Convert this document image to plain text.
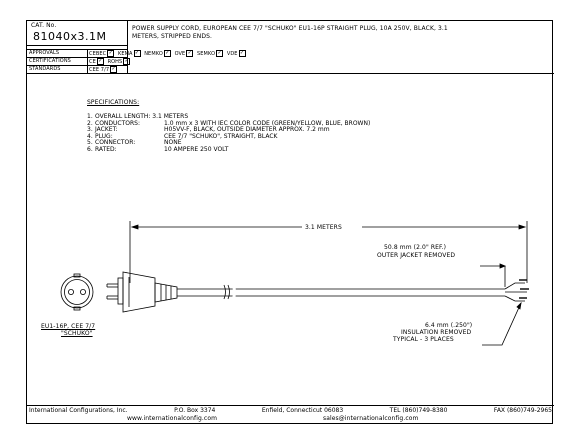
CAT. No.
81040x3.1M
POWER SUPPLY CORD, EUROPEAN CEE 7/7 "SCHUKO" EU1-16P STRAIGHT PLUG, 10A 250V, BLACK, 3.1
METERS, STRIPPED ENDS.
APPROVALS	CEBEC ✓ KEMA ✓ NEMKO ✓ OVE ✓ SEMKO ✓ VDE ✓
CERTIFICATIONS	CE ✓ ROHS ✓
STANDARDS	CEE 7/7 ✓
SPECIFICATIONS:
1. OVERALL LENGTH: 3.1 METERS
2. CONDUCTORS:	1.0 mm x 3 WITH IEC COLOR CODE (GREEN/YELLOW, BLUE, BROWN)
3. JACKET:	H05VV-F, BLACK, OUTSIDE DIAMETER APPROX. 7.2 mm
4. PLUG:	CEE 7/7 "SCHUKO", STRAIGHT, BLACK
5. CONNECTOR:	NONE
6. RATED:	10 AMPERE 250 VOLT
3.1 METERS
50.8 mm (2.0" REF.)
OUTER JACKET REMOVED
6.4 mm (.250")
INSULATION REMOVED
TYPICAL - 3 PLACES
EU1-16P, CEE 7/7
"SCHUKO"
International Configurations, Inc.	P.O. Box 3374	Enfield, Connecticut 06083	TEL (860)749-8380	FAX (860)749-2965
www.internationalconfig.com	sales@internationalconfig.com
